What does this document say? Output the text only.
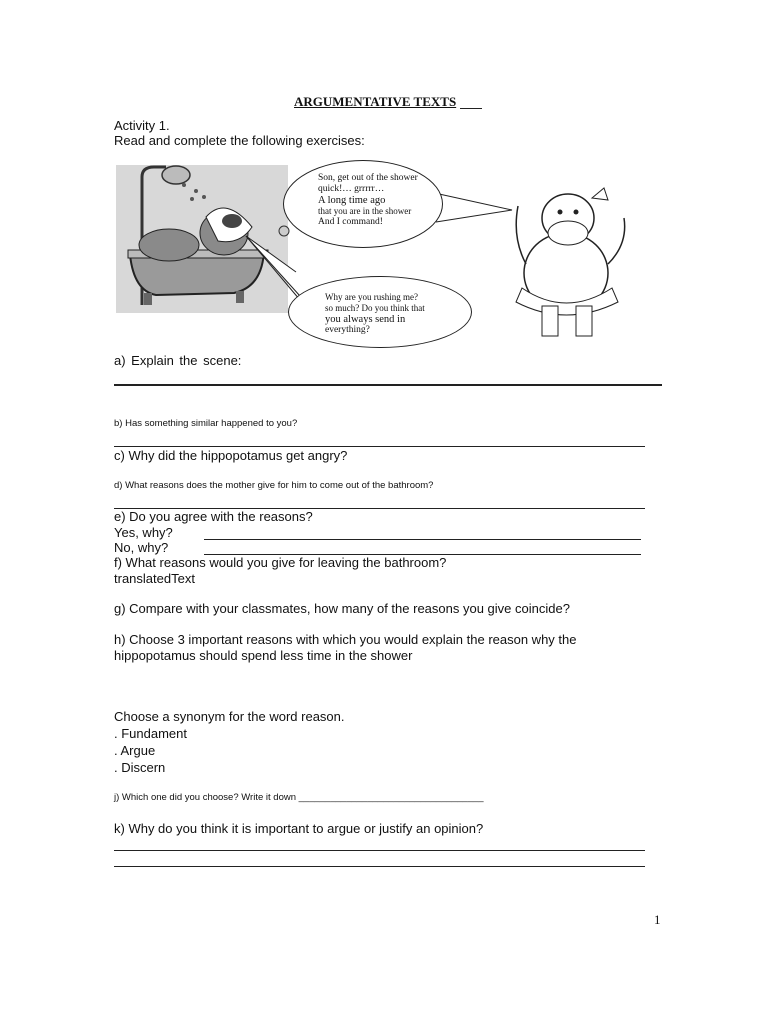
ARGUMENTATIVE TEXTS
Activity 1.
Read and complete the following exercises:
Son, get out of the shower
quick!… grrrrr…
A long time ago
that you are in the shower
And I command!
Why are you rushing me?
so much? Do you think that
you always send in
everything?
a) Explain the scene:
b) Has something similar happened to you?
c) Why did the hippopotamus get angry?
d) What reasons does the mother give for him to come out of the bathroom?
e) Do you agree with the reasons?
Yes, why?
No, why?
f) What reasons would you give for leaving the bathroom?
translatedText
g) Compare with your classmates, how many of the reasons you give coincide?
h) Choose 3 important reasons with which you would explain the reason why the
hippopotamus should spend less time in the shower
Choose a synonym for the word reason.
. Fundament
. Argue
. Discern
j) Which one did you choose? Write it down ___________________________________
k) Why do you think it is important to argue or justify an opinion?
1
